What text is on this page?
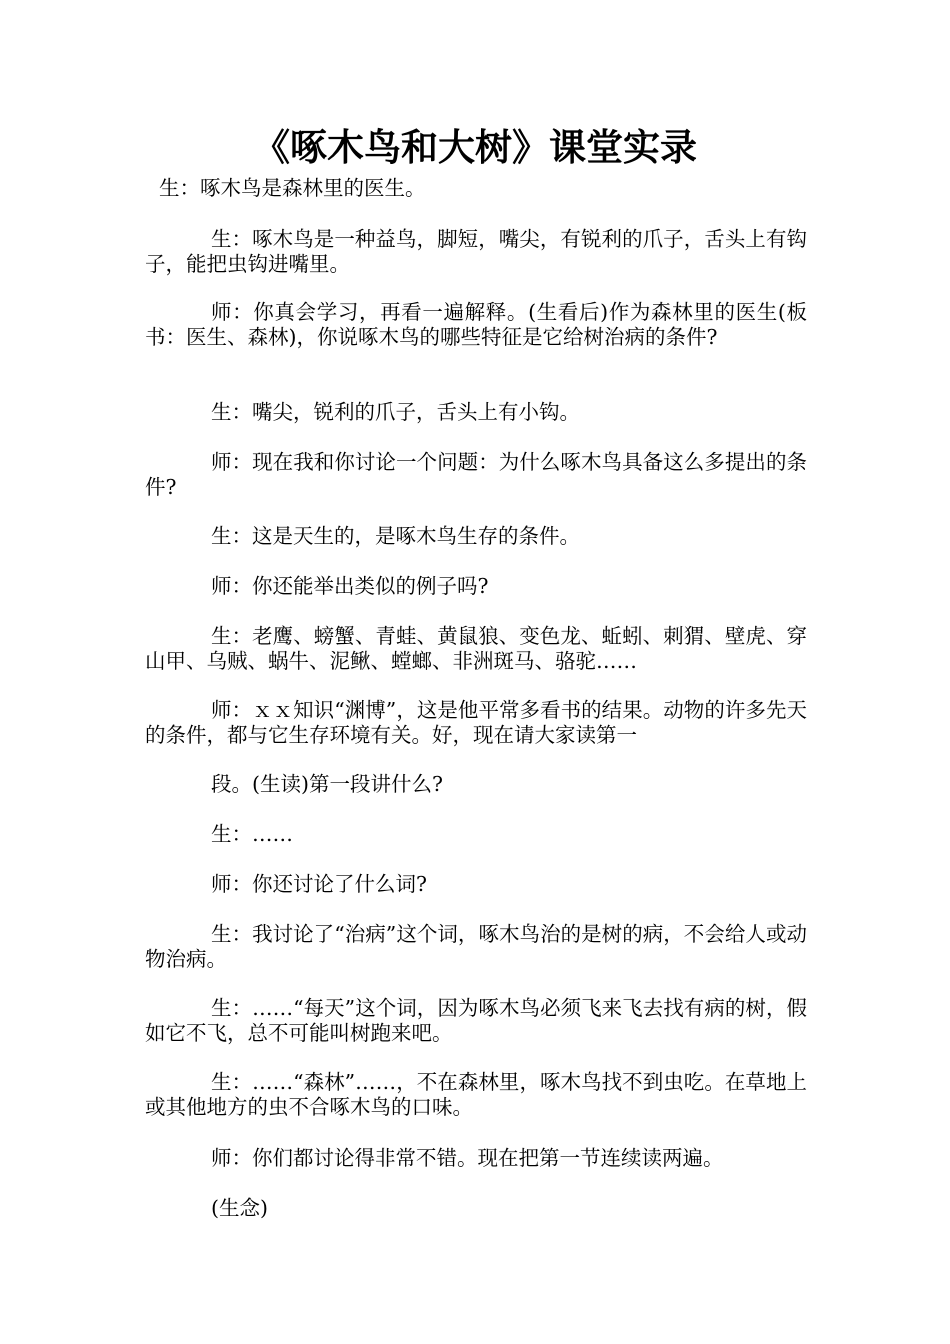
《啄木鸟和大树》课堂实录

生：啄木鸟是森林里的医生。

生：啄木鸟是一种益鸟，脚短，嘴尖，有锐利的爪子，舌头上有钩子，能把虫钩进嘴里。

师：你真会学习，再看一遍解释。(生看后)作为森林里的医生(板书：医生、森林)，你说啄木鸟的哪些特征是它给树治病的条件?

生：嘴尖，锐利的爪子，舌头上有小钩。

师：现在我和你讨论一个问题：为什么啄木鸟具备这么多提出的条件?

生：这是天生的，是啄木鸟生存的条件。

师：你还能举出类似的例子吗?

生：老鹰、螃蟹、青蛙、黄鼠狼、变色龙、蚯蚓、刺猬、壁虎、穿山甲、乌贼、蜗牛、泥鳅、螳螂、非洲斑马、骆驼……

师：ｘｘ知识“渊博”，这是他平常多看书的结果。动物的许多先天的条件，都与它生存环境有关。好，现在请大家读第一

段。(生读)第一段讲什么?

生：……

师：你还讨论了什么词?

生：我讨论了“治病”这个词，啄木鸟治的是树的病，不会给人或动物治病。

生：……“每天”这个词，因为啄木鸟必须飞来飞去找有病的树，假如它不飞，总不可能叫树跑来吧。

生：……“森林”……，不在森林里，啄木鸟找不到虫吃。在草地上或其他地方的虫不合啄木鸟的口味。

师：你们都讨论得非常不错。现在把第一节连续读两遍。

(生念)
